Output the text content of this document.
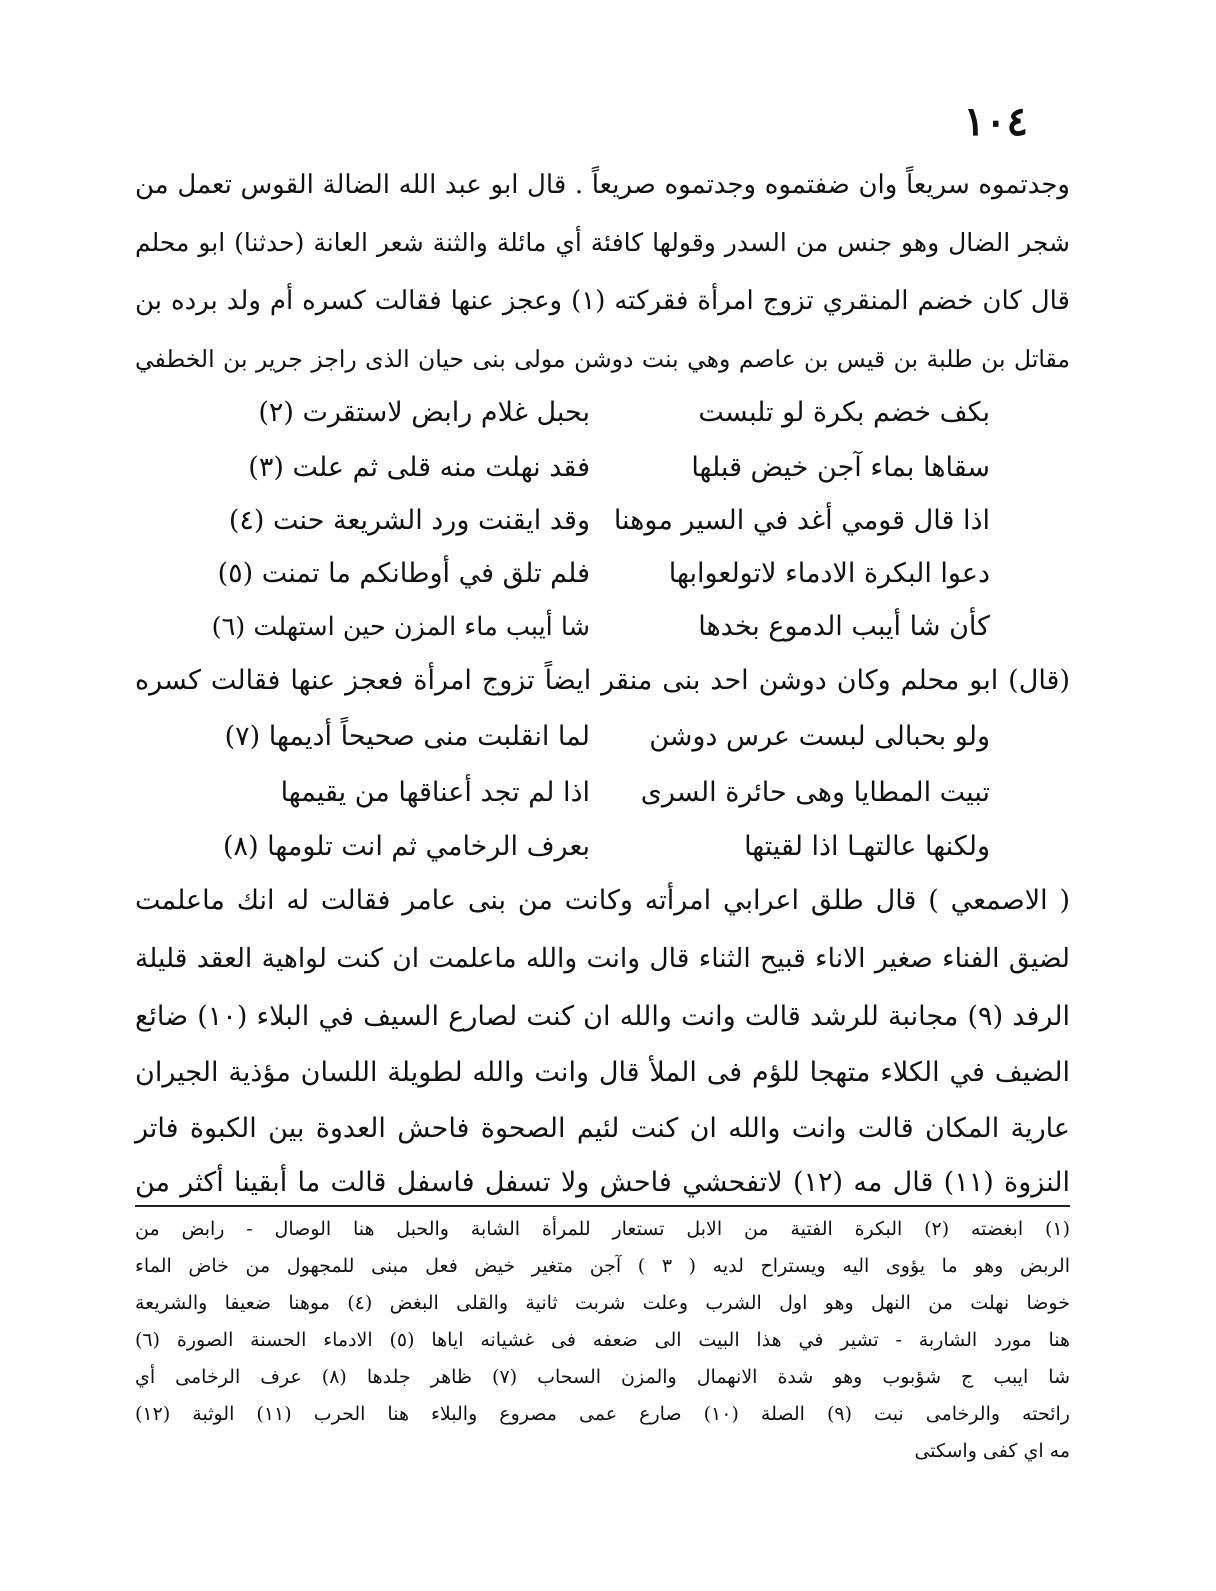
١٠٤
وجدتموه سريعاً وان ضفتموه وجدتموه صريعاً . قال ابو عبد الله الضالة القوس تعمل من
شجر الضال وهو جنس من السدر وقولها كافئة أي مائلة والثنة شعر العانة (حدثنا) ابو محلم
قال كان خضم المنقري تزوج امرأة فقركته (١) وعجز عنها فقالت كسره أم ولد برده بن
مقاتل بن طلبة بن قيس بن عاصم وهي بنت دوشن مولى بنى حيان الذى راجز جرير بن الخطفي
بكف خضم بكرة لو تلبست
بحبل غلام رابض لاستقرت (٢)
سقاها بماء آجن خيض قبلها
فقد نهلت منه قلى ثم علت (٣)
اذا قال قومي أغد في السير موهنا
وقد ايقنت ورد الشريعة حنت (٤)
دعوا البكرة الادماء لاتولعوابها
فلم تلق في أوطانكم ما تمنت (٥)
كأن شا أيبب الدموع بخدها
شا أيبب ماء المزن حين استهلت (٦)
(قال) ابو محلم وكان دوشن احد بنى منقر ايضاً تزوج امرأة فعجز عنها فقالت كسره
ولو بحبالى لبست عرس دوشن
لما انقلبت منى صحيحاً أديمها (٧)
تبيت المطايا وهى حائرة السرى
اذا لم تجد أعناقها من يقيمها
ولكنها عالتهـا اذا لقيتها
بعرف الرخامي ثم انت تلومها (٨)
( الاصمعي ) قال طلق اعرابي امرأته وكانت من بنى عامر فقالت له انك ماعلمت
لضيق الفناء صغير الاناء قبيح الثناء قال وانت والله ماعلمت ان كنت لواهية العقد قليلة
الرفد (٩) مجانبة للرشد قالت وانت والله ان كنت لصارع السيف في البلاء (١٠) ضائع
الضيف في الكلاء متهجا للؤم فى الملأ قال وانت والله لطويلة اللسان مؤذية الجيران
عارية المكان قالت وانت والله ان كنت لئيم الصحوة فاحش العدوة بين الكبوة فاتر
النزوة (١١) قال مه (١٢) لاتفحشي فاحش ولا تسفل فاسفل قالت ما أبقينا أكثر من
(١) ابغضته (٢) البكرة الفتية من الابل تستعار للمرأة الشابة والحبل هنا الوصال - رابض من
الربض وهو ما يؤوى اليه ويستراح لديه ( ٣ ) آجن متغير خيض فعل مبنى للمجهول من خاض الماء
خوضا نهلت من النهل وهو اول الشرب وعلت شربت ثانية والقلى البغض (٤) موهنا ضعيفا والشريعة
هنا مورد الشاربة - تشير في هذا البيت الى ضعفه فى غشيانه اياها (٥) الادماء الحسنة الصورة (٦)
شا ايبب ج شؤبوب وهو شدة الانهمال والمزن السحاب (٧) ظاهر جلدها (٨) عرف الرخامى أي
رائحته والرخامى نبت (٩) الصلة (١٠) صارع عمى مصروع والبلاء هنا الحرب (١١) الوثبة (١٢)
مه اي كفى واسكتى
